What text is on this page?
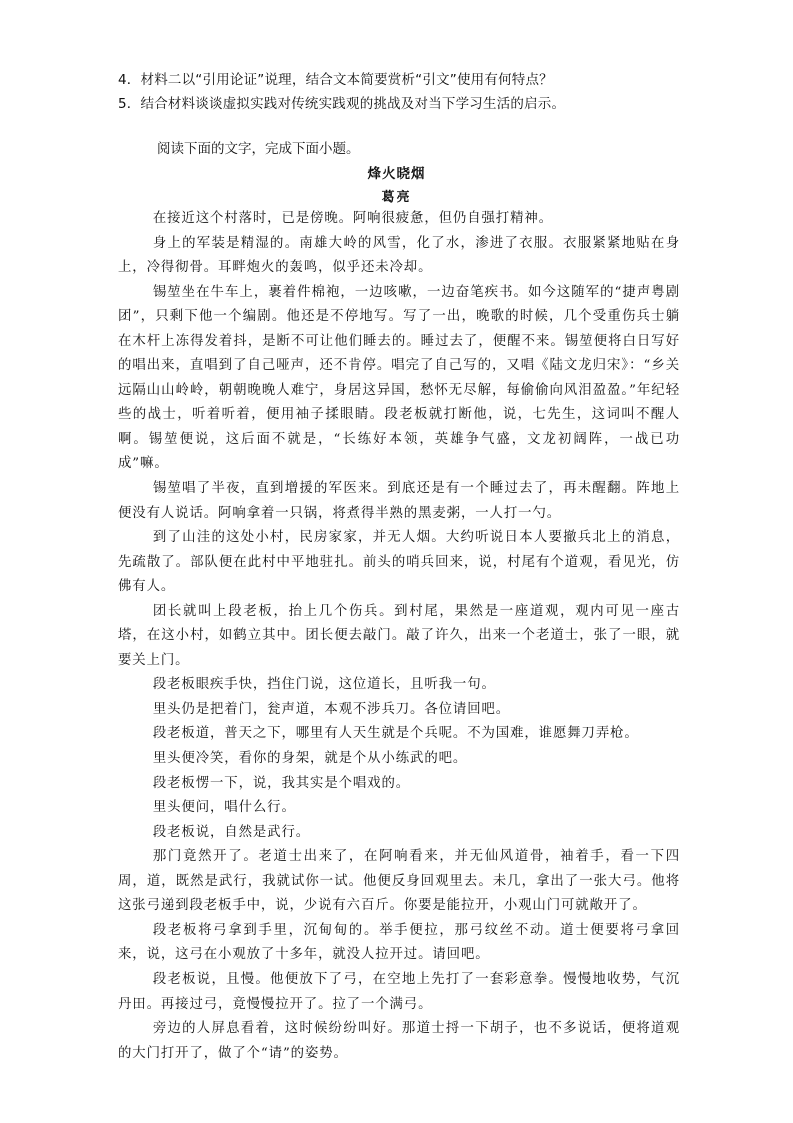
4．材料二以“引用论证”说理，结合文本简要赏析“引文”使用有何特点？
5．结合材料谈谈虚拟实践对传统实践观的挑战及对当下学习生活的启示。
阅读下面的文字，完成下面小题。
烽火晓烟
葛亮

在接近这个村落时，已是傍晚。阿响很疲惫，但仍自强打精神。

身上的军装是精湿的。南雄大岭的风雪，化了水，渗进了衣服。衣服紧紧地贴在身上，冷得彻骨。耳畔炮火的轰鸣，似乎还未冷却。

锡堃坐在牛车上，裹着件棉袍，一边咳嗽，一边奋笔疾书。如今这随军的“捷声粤剧团”，只剩下他一个编剧。他还是不停地写。写了一出，晚歌的时候，几个受重伤兵士躺在木杆上冻得发着抖，是断不可让他们睡去的。睡过去了，便醒不来。锡堃便将白日写好的唱出来，直唱到了自己哑声，还不肯停。唱完了自己写的，又唱《陆文龙归宋》：“乡关远隔山山岭岭，朝朝晚晚人难宁，身居这异国，愁怀无尽解，每偷偷向风泪盈盈。”年纪轻些的战士，听着听着，便用袖子揉眼睛。段老板就打断他，说，七先生，这词叫不醒人啊。锡堃便说，这后面不就是，“长练好本领，英雄争气盛，文龙初阔阵，一战已功成”嘛。

锡堃唱了半夜，直到增援的军医来。到底还是有一个睡过去了，再未醒翻。阵地上便没有人说话。阿响拿着一只锅，将煮得半熟的黑麦粥，一人打一勺。

到了山洼的这处小村，民房家家，并无人烟。大约听说日本人要撤兵北上的消息，先疏散了。部队便在此村中平地驻扎。前头的哨兵回来，说，村尾有个道观，看见光，仿佛有人。

团长就叫上段老板，抬上几个伤兵。到村尾，果然是一座道观，观内可见一座古塔，在这小村，如鹤立其中。团长便去敲门。敲了许久，出来一个老道士，张了一眼，就要关上门。

段老板眼疾手快，挡住门说，这位道长，且听我一句。

里头仍是把着门，瓮声道，本观不涉兵刀。各位请回吧。

段老板道，普天之下，哪里有人天生就是个兵呢。不为国难，谁愿舞刀弄枪。

里头便冷笑，看你的身架，就是个从小练武的吧。

段老板愣一下，说，我其实是个唱戏的。

里头便问，唱什么行。

段老板说，自然是武行。

那门竟然开了。老道士出来了，在阿响看来，并无仙风道骨，袖着手，看一下四周，道，既然是武行，我就试你一试。他便反身回观里去。未几，拿出了一张大弓。他将这张弓递到段老板手中，说，少说有六百斤。你要是能拉开，小观山门可就敞开了。

段老板将弓拿到手里，沉甸甸的。举手便拉，那弓纹丝不动。道士便要将弓拿回来，说，这弓在小观放了十多年，就没人拉开过。请回吧。

段老板说，且慢。他便放下了弓，在空地上先打了一套彩意拳。慢慢地收势，气沉丹田。再接过弓，竟慢慢拉开了。拉了一个满弓。

旁边的人屏息看着，这时候纷纷叫好。那道士捋一下胡子，也不多说话，便将道观的大门打开了，做了个“请”的姿势。
